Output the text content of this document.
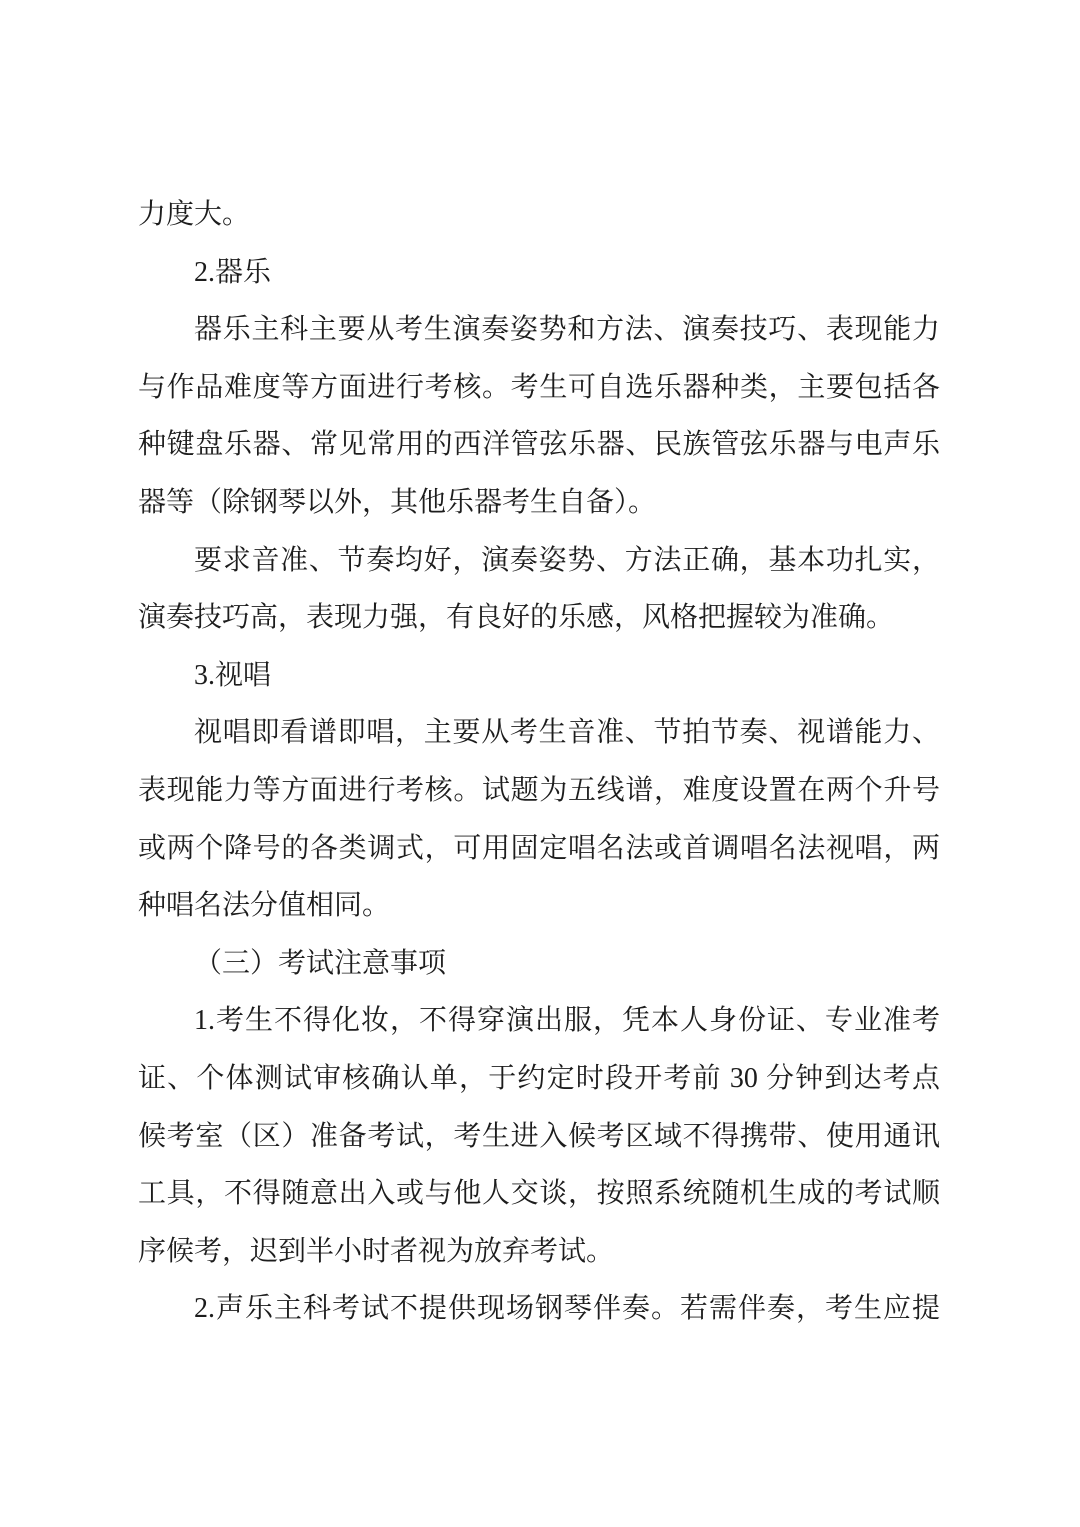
力度大。
2.器乐
器乐主科主要从考生演奏姿势和方法、演奏技巧、表现能力
与作品难度等方面进行考核。考生可自选乐器种类，主要包括各
种键盘乐器、常见常用的西洋管弦乐器、民族管弦乐器与电声乐
器等（除钢琴以外，其他乐器考生自备）。
要求音准、节奏均好，演奏姿势、方法正确，基本功扎实，
演奏技巧高，表现力强，有良好的乐感，风格把握较为准确。
3.视唱
视唱即看谱即唱，主要从考生音准、节拍节奏、视谱能力、
表现能力等方面进行考核。试题为五线谱，难度设置在两个升号
或两个降号的各类调式，可用固定唱名法或首调唱名法视唱，两
种唱名法分值相同。
（三）考试注意事项
1.考生不得化妆，不得穿演出服，凭本人身份证、专业准考
证、个体测试审核确认单，于约定时段开考前 30 分钟到达考点
候考室（区）准备考试，考生进入候考区域不得携带、使用通讯
工具，不得随意出入或与他人交谈，按照系统随机生成的考试顺
序候考，迟到半小时者视为放弃考试。
2.声乐主科考试不提供现场钢琴伴奏。若需伴奏，考生应提
